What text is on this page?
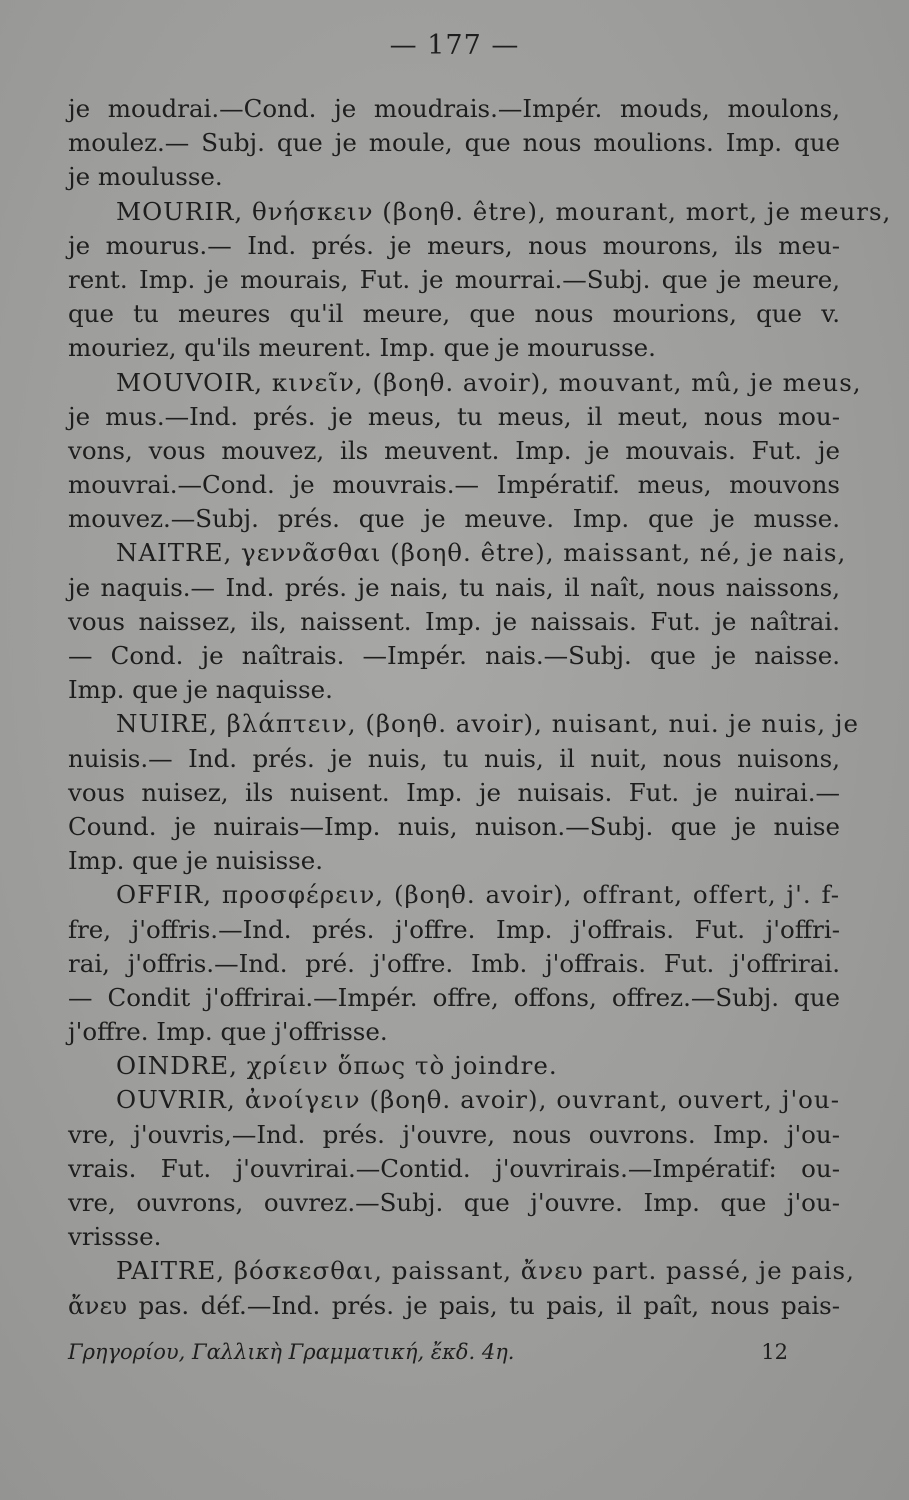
— 177 —
je moudrai.—Cond. je moudrais.—Impér. mouds, moulons,
moulez.— Subj. que je moule, que nous moulions. Imp. que
je moulusse.
MOURIR, θνήσκειν (βοηθ. être), mourant, mort, je meurs,
je mourus.— Ind. prés. je meurs, nous mourons, ils meu-
rent. Imp. je mourais, Fut. je mourrai.—Subj. que je meure,
que tu meures qu'il meure, que nous mourions, que v.
mouriez, qu'ils meurent. Imp. que je mourusse.
MOUVOIR, κινεῖν, (βοηθ. avoir), mouvant, mû, je meus,
je mus.—Ind. prés. je meus, tu meus, il meut, nous mou-
vons, vous mouvez, ils meuvent. Imp. je mouvais. Fut. je
mouvrai.—Cond. je mouvrais.— Impératif. meus, mouvons
mouvez.—Subj. prés. que je meuve. Imp. que je musse.
NAITRE, γεννᾶσθαι (βοηθ. être), maissant, né, je nais,
je naquis.— Ind. prés. je nais, tu nais, il naît, nous naissons,
vous naissez, ils, naissent. Imp. je naissais. Fut. je naîtrai.
— Cond. je naîtrais. —Impér. nais.—Subj. que je naisse.
Imp. que je naquisse.
NUIRE, βλάπτειν, (βοηθ. avoir), nuisant, nui. je nuis, je
nuisis.— Ind. prés. je nuis, tu nuis, il nuit, nous nuisons,
vous nuisez, ils nuisent. Imp. je nuisais. Fut. je nuirai.—
Cound. je nuirais—Imp. nuis, nuison.—Subj. que je nuise
Imp. que je nuisisse.
OFFIR, προσφέρειν, (βοηθ. avoir), offrant, offert, j'. f-
fre, j'offris.—Ind. prés. j'offre. Imp. j'offrais. Fut. j'offri-
rai, j'offris.—Ind. pré. j'offre. Imb. j'offrais. Fut. j'offrirai.
— Condit j'offrirai.—Impér. offre, offons, offrez.—Subj. que
j'offre. Imp. que j'offrisse.
OINDRE, χρίειν ὅπως τὸ joindre.
OUVRIR, ἀνοίγειν (βοηθ. avoir), ouvrant, ouvert, j'ou-
vre, j'ouvris,—Ind. prés. j'ouvre, nous ouvrons. Imp. j'ou-
vrais. Fut. j'ouvrirai.—Contid. j'ouvrirais.—Impératif: ou-
vre, ouvrons, ouvrez.—Subj. que j'ouvre. Imp. que j'ou-
vrissse.
PAITRE, βόσκεσθαι, paissant, ἄνευ part. passé, je pais,
ἄνευ pas. déf.—Ind. prés. je pais, tu pais, il paît, nous pais-
Γρηγορίου, Γαλλικὴ Γραμματική, ἔκδ. 4η.	12
